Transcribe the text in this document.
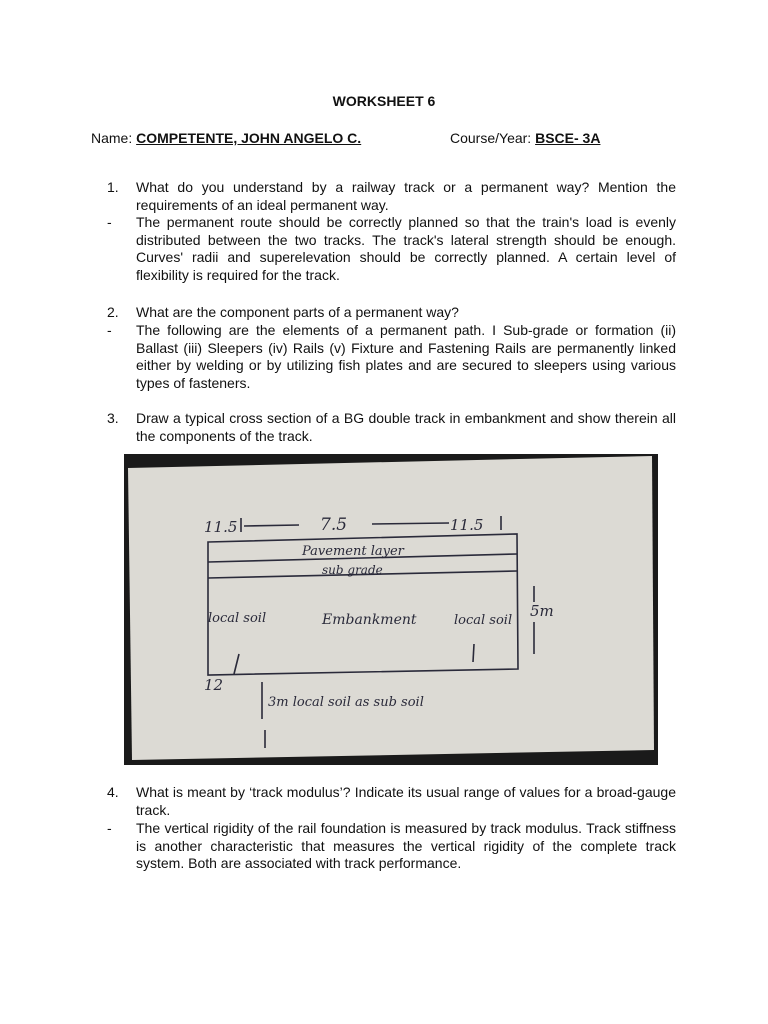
WORKSHEET 6
Name: COMPETENTE, JOHN ANGELO C.	Course/Year: BSCE- 3A
1.	What do you understand by a railway track or a permanent way? Mention the requirements of an ideal permanent way.
-	The permanent route should be correctly planned so that the train's load is evenly distributed between the two tracks. The track's lateral strength should be enough. Curves' radii and superelevation should be correctly planned. A certain level of flexibility is required for the track.
2.	What are the component parts of a permanent way?
-	The following are the elements of a permanent path. I Sub-grade or formation (ii) Ballast (iii) Sleepers (iv) Rails (v) Fixture and Fastening Rails are permanently linked either by welding or by utilizing fish plates and are secured to sleepers using various types of fasteners.
3.	Draw a typical cross section of a BG double track in embankment and show therein all the components of the track.
11.5	7.5	11.5
Pavement layer
sub grade
local soil	Embankment	local soil
5m
12
3m local soil as sub soil
4.	What is meant by ‘track modulus’? Indicate its usual range of values for a broad-gauge track.
-	The vertical rigidity of the rail foundation is measured by track modulus. Track stiffness is another characteristic that measures the vertical rigidity of the complete track system. Both are associated with track performance.
